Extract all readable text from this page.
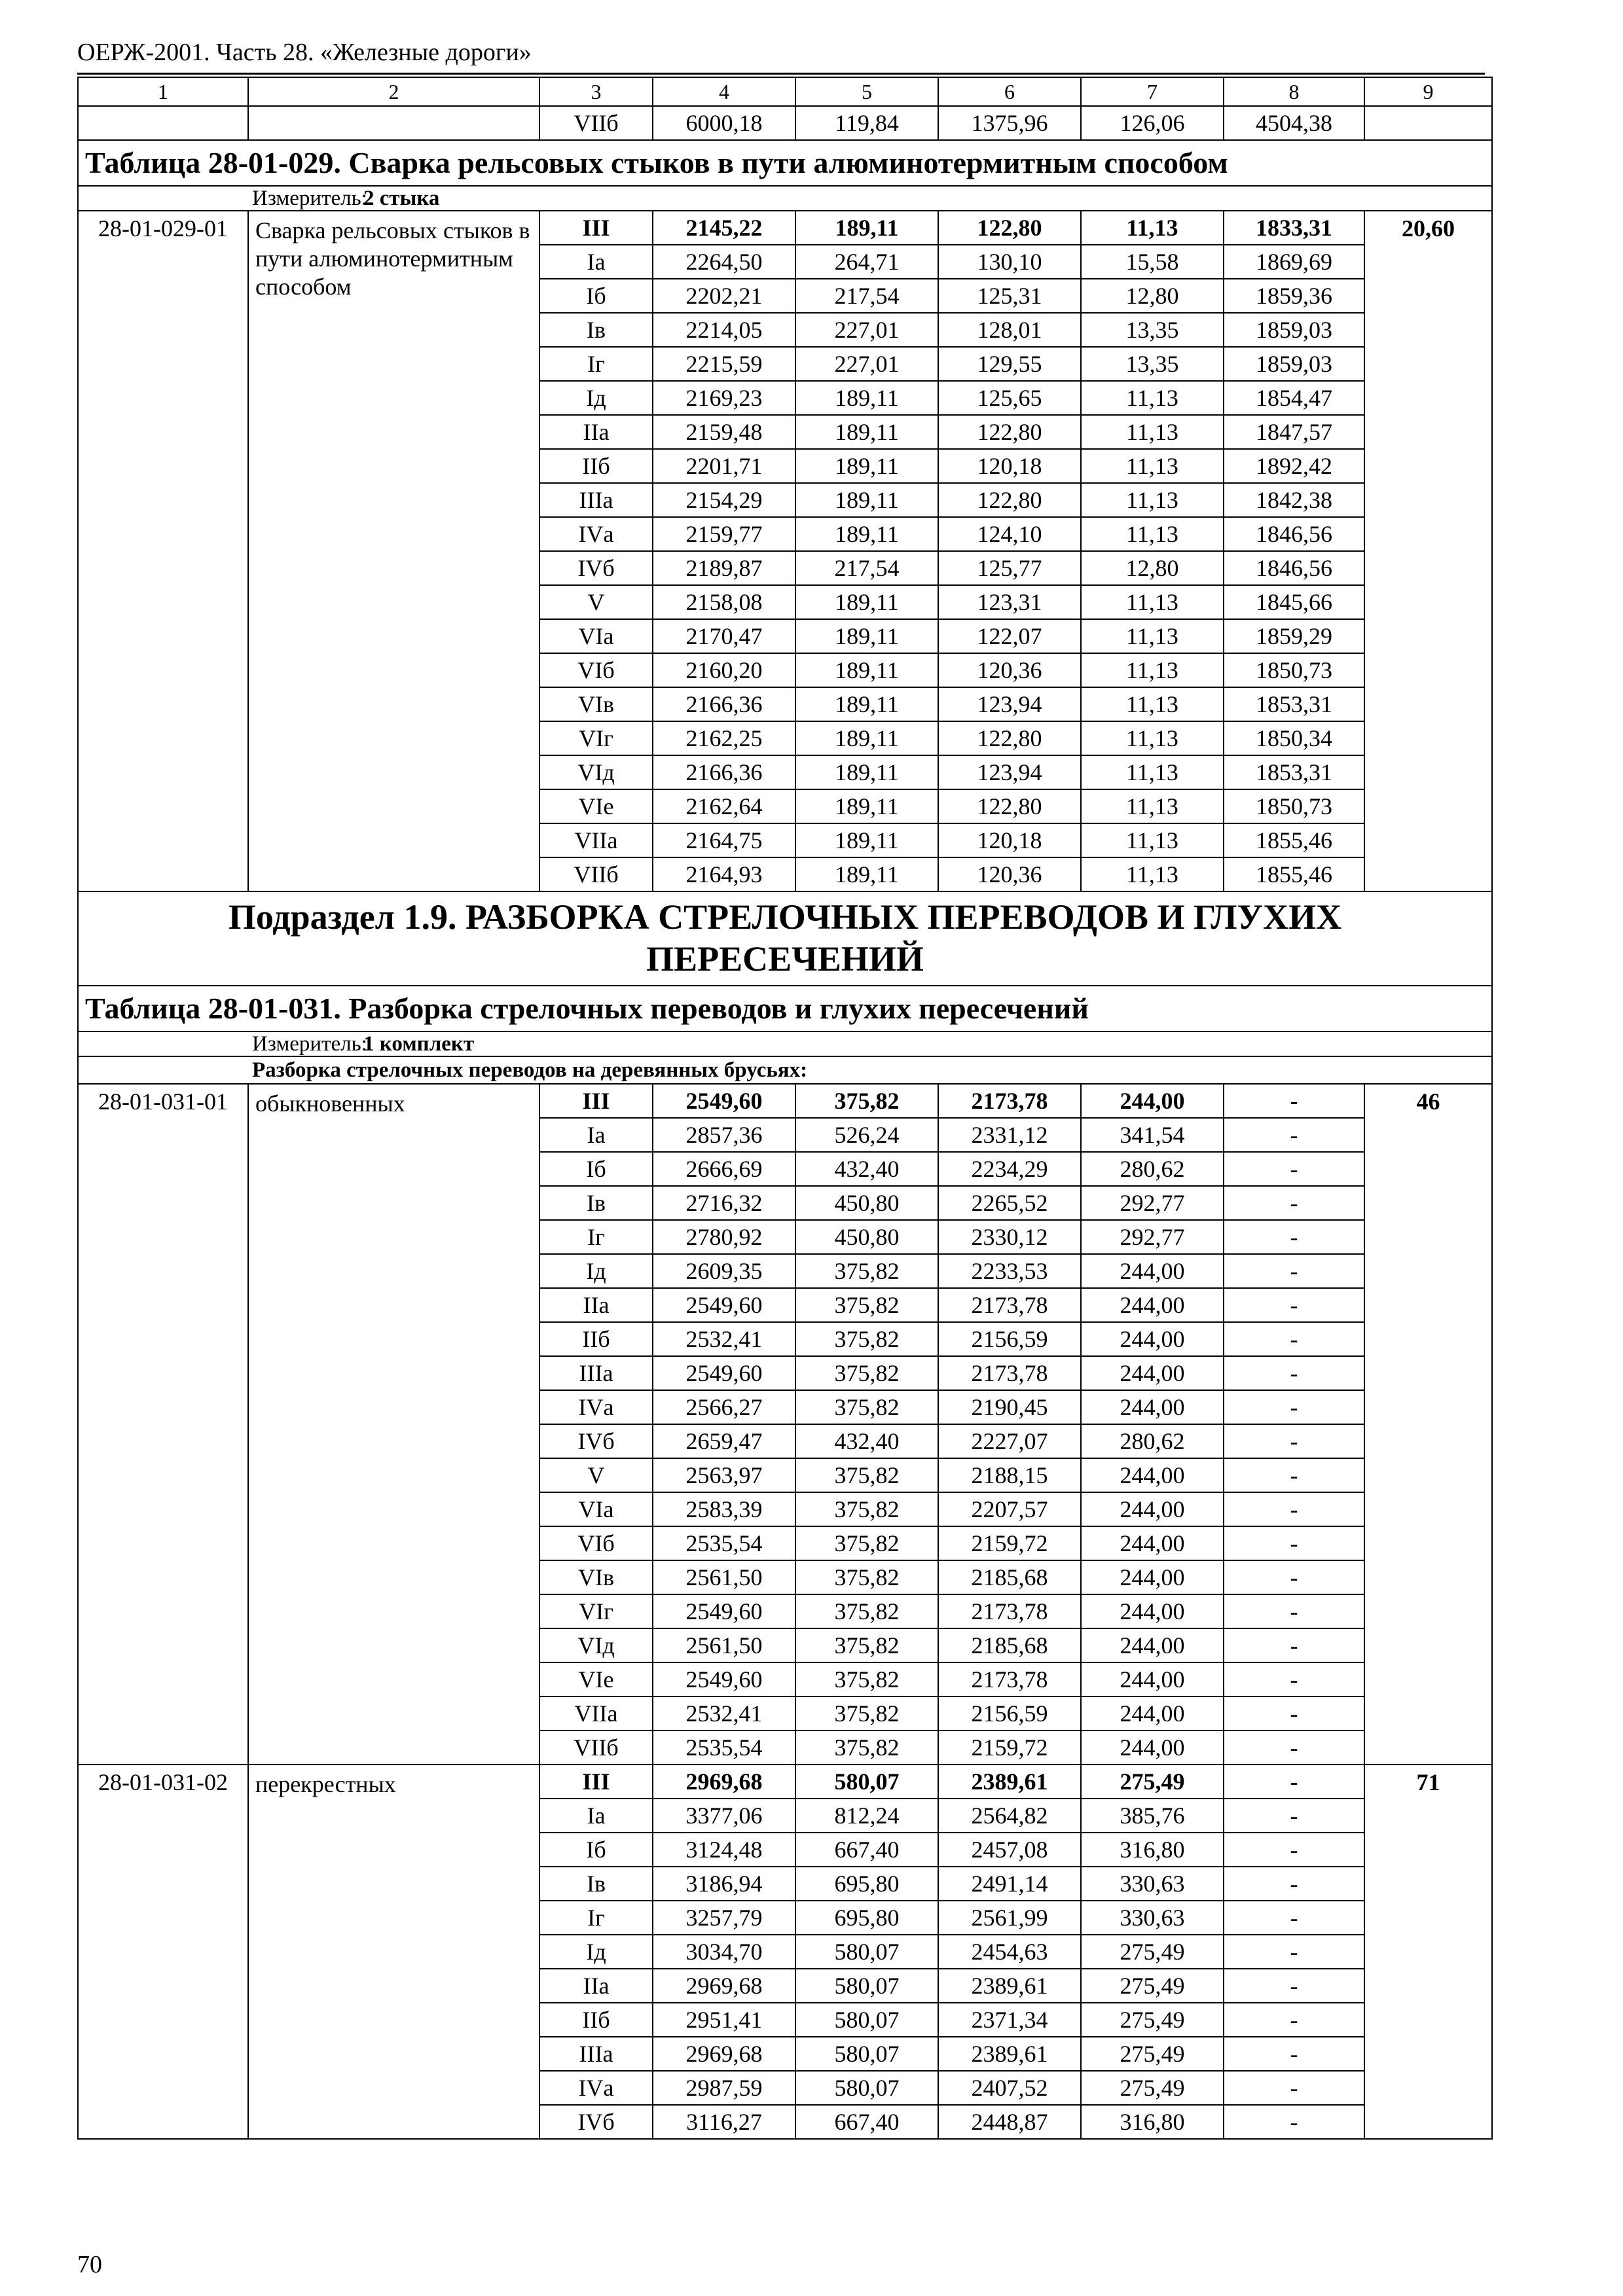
ОЕРЖ-2001. Часть 28. «Железные дороги»
1	2	3	4	5	6	7	8	9
		VIIб	6000,18	119,84	1375,96	126,06	4504,38	
Таблица 28-01-029. Сварка рельсовых стыков в пути алюминотермитным способом								
Измеритель:2 стыка								
28-01-029-01	Сварка рельсовых стыков в пути алюминотермитным способом	III	2145,22	189,11	122,80	11,13	1833,31	20,60
		Iа	2264,50	264,71	130,10	15,58	1869,69	
		Iб	2202,21	217,54	125,31	12,80	1859,36	
		Iв	2214,05	227,01	128,01	13,35	1859,03	
		Iг	2215,59	227,01	129,55	13,35	1859,03	
		Iд	2169,23	189,11	125,65	11,13	1854,47	
		IIа	2159,48	189,11	122,80	11,13	1847,57	
		IIб	2201,71	189,11	120,18	11,13	1892,42	
		IIIа	2154,29	189,11	122,80	11,13	1842,38	
		IVа	2159,77	189,11	124,10	11,13	1846,56	
		IVб	2189,87	217,54	125,77	12,80	1846,56	
		V	2158,08	189,11	123,31	11,13	1845,66	
		VIа	2170,47	189,11	122,07	11,13	1859,29	
		VIб	2160,20	189,11	120,36	11,13	1850,73	
		VIв	2166,36	189,11	123,94	11,13	1853,31	
		VIг	2162,25	189,11	122,80	11,13	1850,34	
		VIд	2166,36	189,11	123,94	11,13	1853,31	
		VIе	2162,64	189,11	122,80	11,13	1850,73	
		VIIа	2164,75	189,11	120,18	11,13	1855,46	
		VIIб	2164,93	189,11	120,36	11,13	1855,46	
Подраздел 1.9. РАЗБОРКА СТРЕЛОЧНЫХ ПЕРЕВОДОВ И ГЛУХИХ ПЕРЕСЕЧЕНИЙ								
Таблица 28-01-031. Разборка стрелочных переводов и глухих пересечений								
Измеритель:1 комплект								
Разборка стрелочных переводов на деревянных брусьях:								
28-01-031-01	обыкновенных	III	2549,60	375,82	2173,78	244,00	-	46
		Iа	2857,36	526,24	2331,12	341,54	-	
		Iб	2666,69	432,40	2234,29	280,62	-	
		Iв	2716,32	450,80	2265,52	292,77	-	
		Iг	2780,92	450,80	2330,12	292,77	-	
		Iд	2609,35	375,82	2233,53	244,00	-	
		IIа	2549,60	375,82	2173,78	244,00	-	
		IIб	2532,41	375,82	2156,59	244,00	-	
		IIIа	2549,60	375,82	2173,78	244,00	-	
		IVа	2566,27	375,82	2190,45	244,00	-	
		IVб	2659,47	432,40	2227,07	280,62	-	
		V	2563,97	375,82	2188,15	244,00	-	
		VIа	2583,39	375,82	2207,57	244,00	-	
		VIб	2535,54	375,82	2159,72	244,00	-	
		VIв	2561,50	375,82	2185,68	244,00	-	
		VIг	2549,60	375,82	2173,78	244,00	-	
		VIд	2561,50	375,82	2185,68	244,00	-	
		VIе	2549,60	375,82	2173,78	244,00	-	
		VIIа	2532,41	375,82	2156,59	244,00	-	
		VIIб	2535,54	375,82	2159,72	244,00	-	
28-01-031-02	перекрестных	III	2969,68	580,07	2389,61	275,49	-	71
		Iа	3377,06	812,24	2564,82	385,76	-	
		Iб	3124,48	667,40	2457,08	316,80	-	
		Iв	3186,94	695,80	2491,14	330,63	-	
		Iг	3257,79	695,80	2561,99	330,63	-	
		Iд	3034,70	580,07	2454,63	275,49	-	
		IIа	2969,68	580,07	2389,61	275,49	-	
		IIб	2951,41	580,07	2371,34	275,49	-	
		IIIа	2969,68	580,07	2389,61	275,49	-	
		IVа	2987,59	580,07	2407,52	275,49	-	
		IVб	3116,27	667,40	2448,87	316,80	-	
70
